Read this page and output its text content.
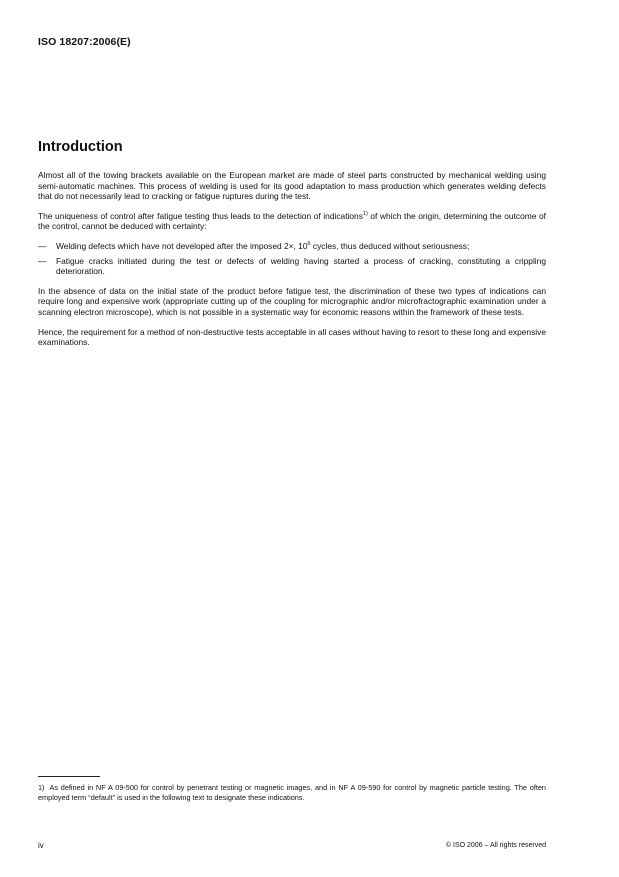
ISO 18207:2006(E)
Introduction

Almost all of the towing brackets available on the European market are made of steel parts constructed by mechanical welding using semi-automatic machines. This process of welding is used for its good adaptation to mass production which generates welding defects that do not necessarily lead to cracking or fatigue ruptures during the test.

The uniqueness of control after fatigue testing thus leads to the detection of indications$^{1)}$ of which the origin, determining the outcome of the control, cannot be deduced with certainty:

— Welding defects which have not developed after the imposed 2×, $10^6$ cycles, thus deduced without seriousness;
— Fatigue cracks initiated during the test or defects of welding having started a process of cracking, constituting a crippling deterioration.

In the absence of data on the initial state of the product before fatigue test, the discrimination of these two types of indications can require long and expensive work (appropriate cutting up of the coupling for micrographic and/or microfractographic examination under a scanning electron microscope), which is not possible in a systematic way for economic reasons within the framework of these tests.

Hence, the requirement for a method of non-destructive tests acceptable in all cases without having to resort to these long and expensive examinations.

1) As defined in NF A 09-500 for control by penetrant testing or magnetic images, and in NF A 09-590 for control by magnetic particle testing. The often employed term “default” is used in the following text to designate these indications.
iv	© ISO 2006 – All rights reserved
